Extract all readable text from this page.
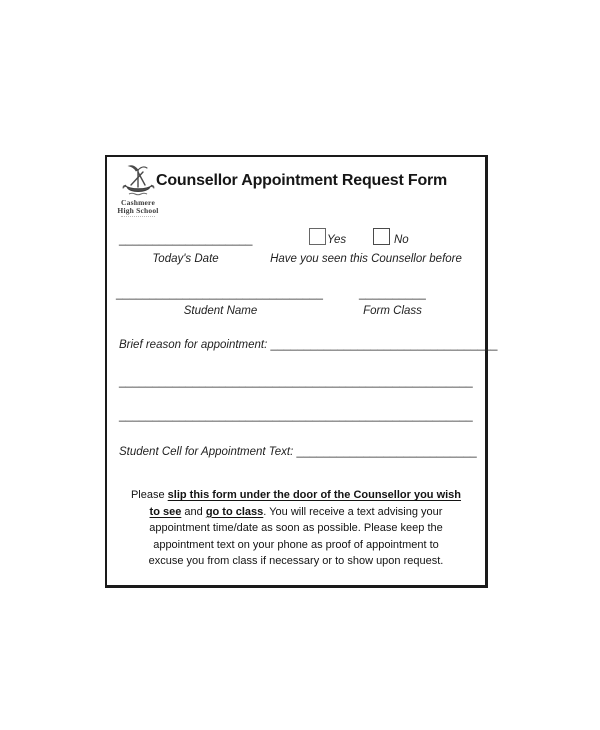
Cashmere
High School
Counsellor Appointment Request Form
____________________	Yes	No
Today's Date	Have you seen this Counsellor before
_______________________________	__________
Student Name	Form Class
Brief reason for appointment: __________________________________
_____________________________________________________
_____________________________________________________
Student Cell for Appointment Text: ___________________________
Please slip this form under the door of the Counsellor you wish
to see and go to class. You will receive a text advising your
appointment time/date as soon as possible. Please keep the
appointment text on your phone as proof of appointment to
excuse you from class if necessary or to show upon request.
